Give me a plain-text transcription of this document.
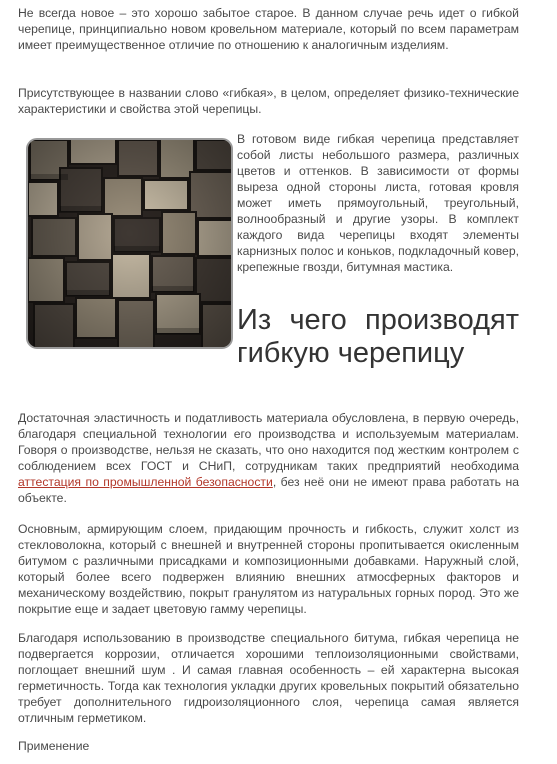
Не всегда новое – это хорошо забытое старое. В данном случае речь идет о гибкой черепице, принципиально новом кровельном материале, который по всем параметрам имеет преимущественное отличие по отношению к аналогичным изделиям.

Присутствующее в названии слово «гибкая», в целом, определяет физико-технические характеристики и свойства этой черепицы.

В готовом виде гибкая черепица представляет собой листы небольшого размера, различных цветов и оттенков. В зависимости от формы выреза одной стороны листа, готовая кровля может иметь прямоугольный, треугольный, волнообразный и другие узоры. В комплект каждого вида черепицы входят элементы карнизных полос и коньков, подкладочный ковер, крепежные гвозди, битумная мастика.

Из чего производят гибкую черепицу

Достаточная эластичность и податливость материала обусловлена, в первую очередь, благодаря специальной технологии его производства и используемым материалам. Говоря о производстве, нельзя не сказать, что оно находится под жестким контролем с соблюдением всех ГОСТ и СНиП, сотрудникам таких предприятий необходима аттестация по промышленной безопасности, без неё они не имеют права работать на объекте.

Основным, армирующим слоем, придающим прочность и гибкость, служит холст из стекловолокна, который с внешней и внутренней стороны пропитывается окисленным битумом с различными присадками и композиционными добавками. Наружный слой, который более всего подвержен влиянию внешних атмосферных факторов и механическому воздействию, покрыт гранулятом из натуральных горных пород. Это же покрытие еще и задает цветовую гамму черепицы.

Благодаря использованию в производстве специального битума, гибкая черепица не подвергается коррозии, отличается хорошими теплоизоляционными свойствами, поглощает внешний шум . И самая главная особенность – ей характерна высокая герметичность. Тогда как технология укладки других кровельных покрытий обязательно требует дополнительного гидроизоляционного слоя, черепица самая является отличным герметиком.

Применение
